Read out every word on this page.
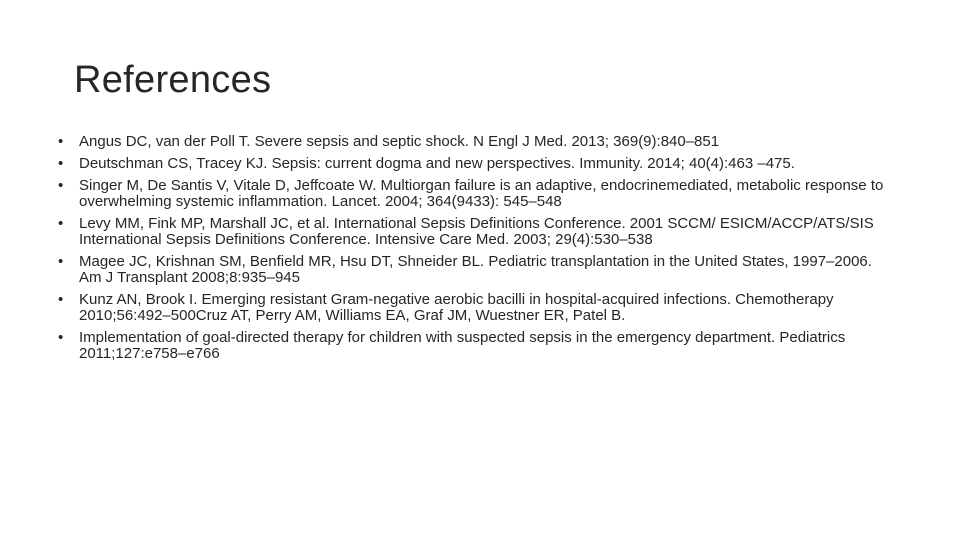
References
• Angus DC, van der Poll T. Severe sepsis and septic shock. N Engl J Med. 2013; 369(9):840–851
• Deutschman CS, Tracey KJ. Sepsis: current dogma and new perspectives. Immunity. 2014; 40(4):463 –475.
• Singer M, De Santis V, Vitale D, Jeffcoate W. Multiorgan failure is an adaptive, endocrinemediated, metabolic response to overwhelming systemic inflammation. Lancet. 2004; 364(9433): 545–548
• Levy MM, Fink MP, Marshall JC, et al. International Sepsis Definitions Conference. 2001 SCCM/ ESICM/ACCP/ATS/SIS International Sepsis Definitions Conference. Intensive Care Med. 2003; 29(4):530–538
• Magee JC, Krishnan SM, Benfield MR, Hsu DT, Shneider BL. Pediatric transplantation in the United States, 1997–2006. Am J Transplant 2008;8:935–945
• Kunz AN, Brook I. Emerging resistant Gram-negative aerobic bacilli in hospital-acquired infections. Chemotherapy 2010;56:492–500Cruz AT, Perry AM, Williams EA, Graf JM, Wuestner ER, Patel B.
• Implementation of goal-directed therapy for children with suspected sepsis in the emergency department. Pediatrics 2011;127:e758–e766
